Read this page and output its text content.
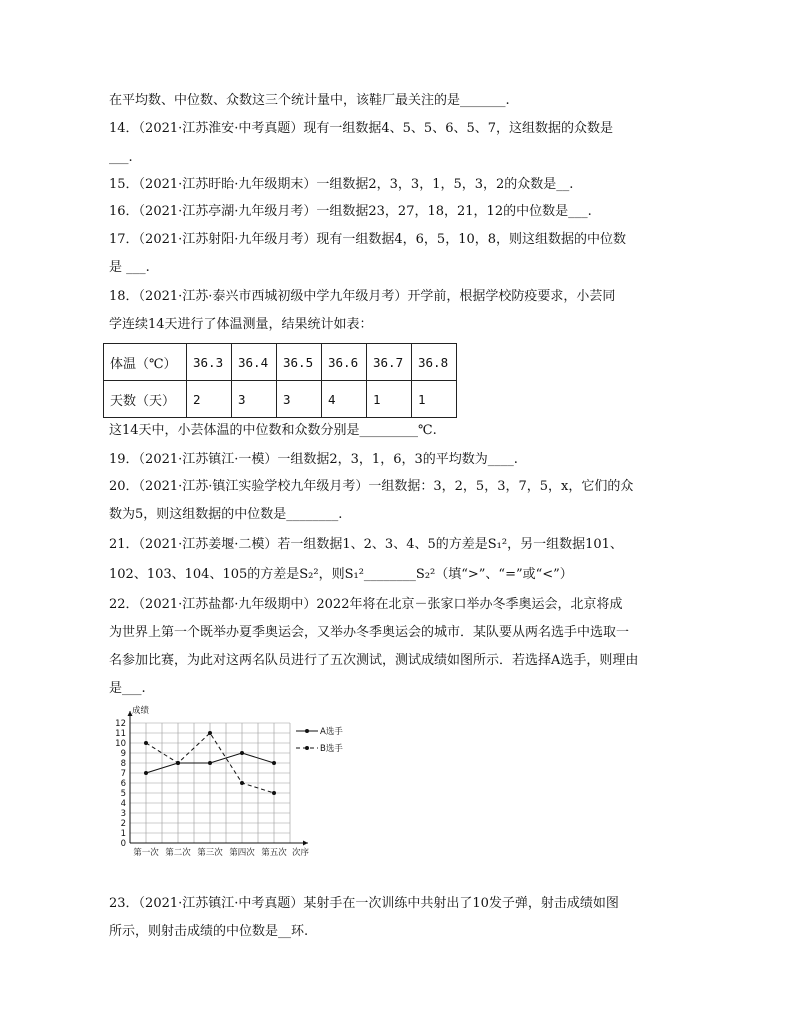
在平均数、中位数、众数这三个统计量中，该鞋厂最关注的是_______.
14．（2021·江苏淮安·中考真题）现有一组数据4、5、5、6、5、7，这组数据的众数是
___.
15．（2021·江苏盱眙·九年级期末）一组数据2，3，3，1，5，3，2的众数是__.
16．（2021·江苏亭湖·九年级月考）一组数据23，27，18，21，12的中位数是___.
17．（2021·江苏射阳·九年级月考）现有一组数据4，6，5，10，8，则这组数据的中位数
是 ___.
18．（2021·江苏·泰兴市西城初级中学九年级月考）开学前，根据学校防疫要求，小芸同
学连续14天进行了体温测量，结果统计如表：
体温（℃）	36.3	36.4	36.5	36.6	36.7	36.8
天数（天）	2	3	3	4	1	1
这14天中，小芸体温的中位数和众数分别是_________℃.
19．（2021·江苏镇江·一模）一组数据2，3，1，6，3的平均数为____.
20．（2021·江苏·镇江实验学校九年级月考）一组数据：3，2，5，3，7，5，x，它们的众
数为5，则这组数据的中位数是________.
21．（2021·江苏姜堰·二模）若一组数据1、2、3、4、5的方差是S₁²，另一组数据101、
102、103、104、105的方差是S₂²，则S₁²________S₂²（填“>”、“=”或“<”）
22．（2021·江苏盐都·九年级期中）2022年将在北京－张家口举办冬季奥运会，北京将成
为世界上第一个既举办夏季奥运会，又举办冬季奥运会的城市．某队要从两名选手中选取一
名参加比赛，为此对这两名队员进行了五次测试，测试成绩如图所示．若选择A选手，则理由
是___.
0
1
2
3
4
5
6
7
8
9
10
11
12
第一次 第二次 第三次 第四次 第五次
A选手
B选手
成绩
次序
23．（2021·江苏镇江·中考真题）某射手在一次训练中共射出了10发子弹，射击成绩如图
所示，则射击成绩的中位数是__环.
